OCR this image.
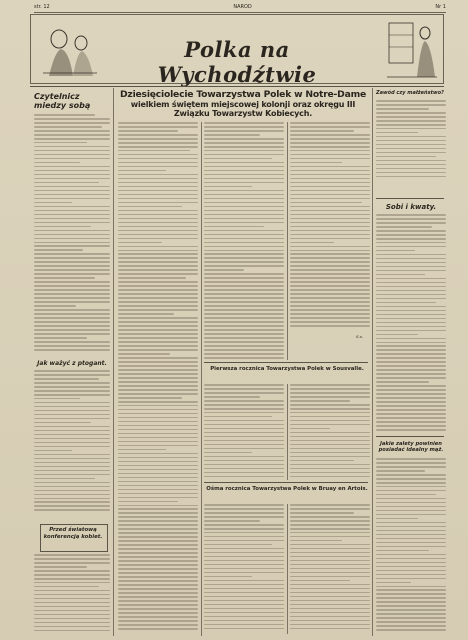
str. 12	NAROD	Nr 1
Polka na Wychodźtwie
Czytelnicz
miedzy sobą
Jak ważyć z ptogant.
Przed światową konferencją kobiet.
Dziesięciolecie Towarzystwa Polek w Notre-Dame
wielkiem świętem miejscowej kolonji oraz okręgu III
Związku Towarzystw Kobiecych.
S.s.
Pierwsza rocznica Towarzystwa Polek w Sousvalle.
Ośma rocznica Towarzystwa Polek w Bruay en Artois.
Zawód czy małżeństwo?
Sobi i kwaty.
Jakie zalety powinien posiadać idealny mąż.
